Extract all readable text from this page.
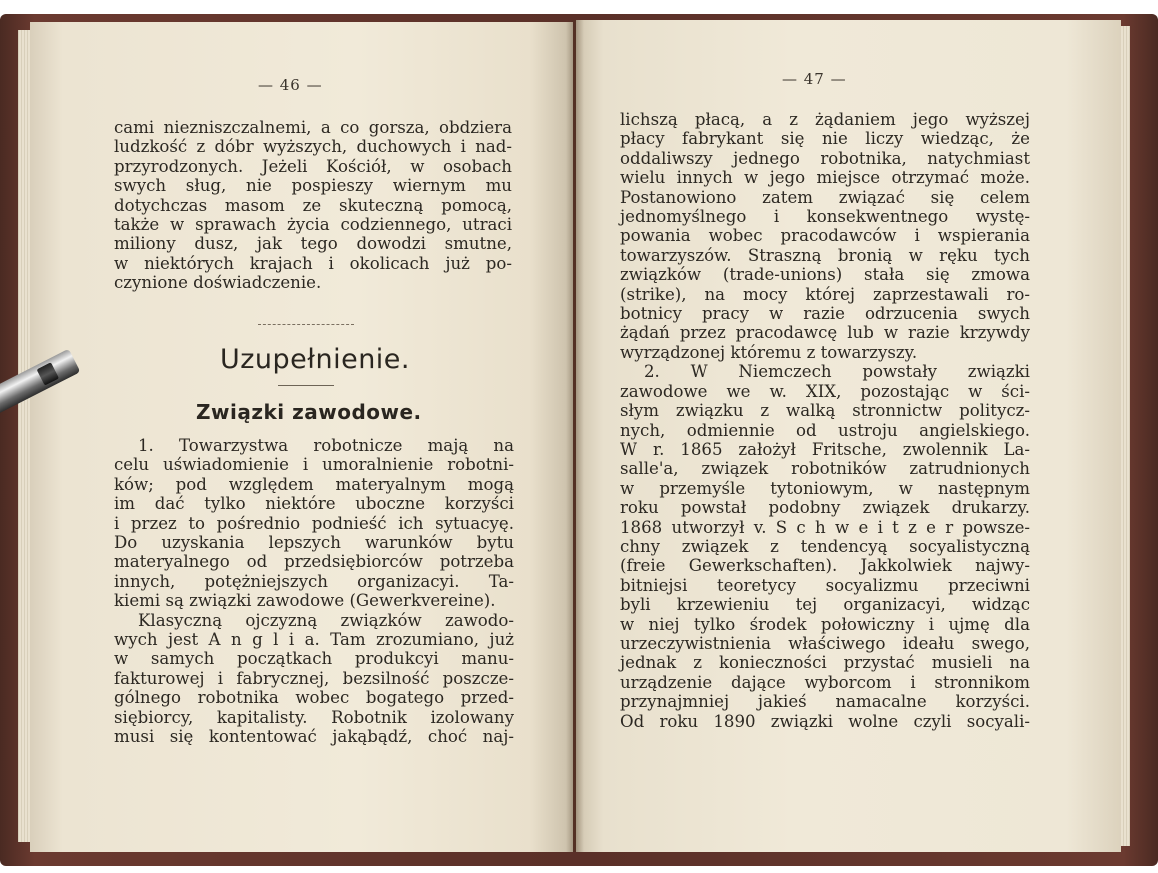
— 46 —
cami niezniszczalnemi, a co gorsza, obdziera
ludzkość z dóbr wyższych, duchowych i nad-
przyrodzonych. Jeżeli Kościół, w osobach
swych sług, nie pospieszy wiernym mu
dotychczas masom ze skuteczną pomocą,
także w sprawach życia codziennego, utraci
miliony dusz, jak tego dowodzi smutne,
w niektórych krajach i okolicach już po-
czynione doświadczenie.
Uzupełnienie.
Związki zawodowe.
1. Towarzystwa robotnicze mają na
celu uświadomienie i umoralnienie robotni-
ków; pod względem materyalnym mogą
im dać tylko niektóre uboczne korzyści
i przez to pośrednio podnieść ich sytuacyę.
Do uzyskania lepszych warunków bytu
materyalnego od przedsiębiorców potrzeba
innych, potężniejszych organizacyi. Ta-
kiemi są związki zawodowe (Gewerkvereine).
Klasyczną ojczyzną związków zawodo-
wych jest A n g l i a. Tam zrozumiano, już
w samych początkach produkcyi manu-
fakturowej i fabrycznej, bezsilność poszcze-
gólnego robotnika wobec bogatego przed-
siębiorcy, kapitalisty. Robotnik izolowany
musi się kontentować jakąbądź, choć naj-
— 47 —
lichszą płacą, a z żądaniem jego wyższej
płacy fabrykant się nie liczy wiedząc, że
oddaliwszy jednego robotnika, natychmiast
wielu innych w jego miejsce otrzymać może.
Postanowiono zatem związać się celem
jednomyślnego i konsekwentnego wystę-
powania wobec pracodawców i wspierania
towarzyszów. Straszną bronią w ręku tych
związków (trade-unions) stała się zmowa
(strike), na mocy której zaprzestawali ro-
botnicy pracy w razie odrzucenia swych
żądań przez pracodawcę lub w razie krzywdy
wyrządzonej któremu z towarzyszy.
2. W Niemczech powstały związki
zawodowe we w. XIX, pozostając w ści-
słym związku z walką stronnictw politycz-
nych, odmiennie od ustroju angielskiego.
W r. 1865 założył Fritsche, zwolennik La-
salle'a, związek robotników zatrudnionych
w przemyśle tytoniowym, w następnym
roku powstał podobny związek drukarzy.
1868 utworzył v. S c h w e i t z e r powsze-
chny związek z tendencyą socyalistyczną
(freie Gewerkschaften). Jakkolwiek najwy-
bitniejsi teoretycy socyalizmu przeciwni
byli krzewieniu tej organizacyi, widząc
w niej tylko środek połowiczny i ujmę dla
urzeczywistnienia właściwego ideału swego,
jednak z konieczności przystać musieli na
urządzenie dające wyborcom i stronnikom
przynajmniej jakieś namacalne korzyści.
Od roku 1890 związki wolne czyli socyali-
